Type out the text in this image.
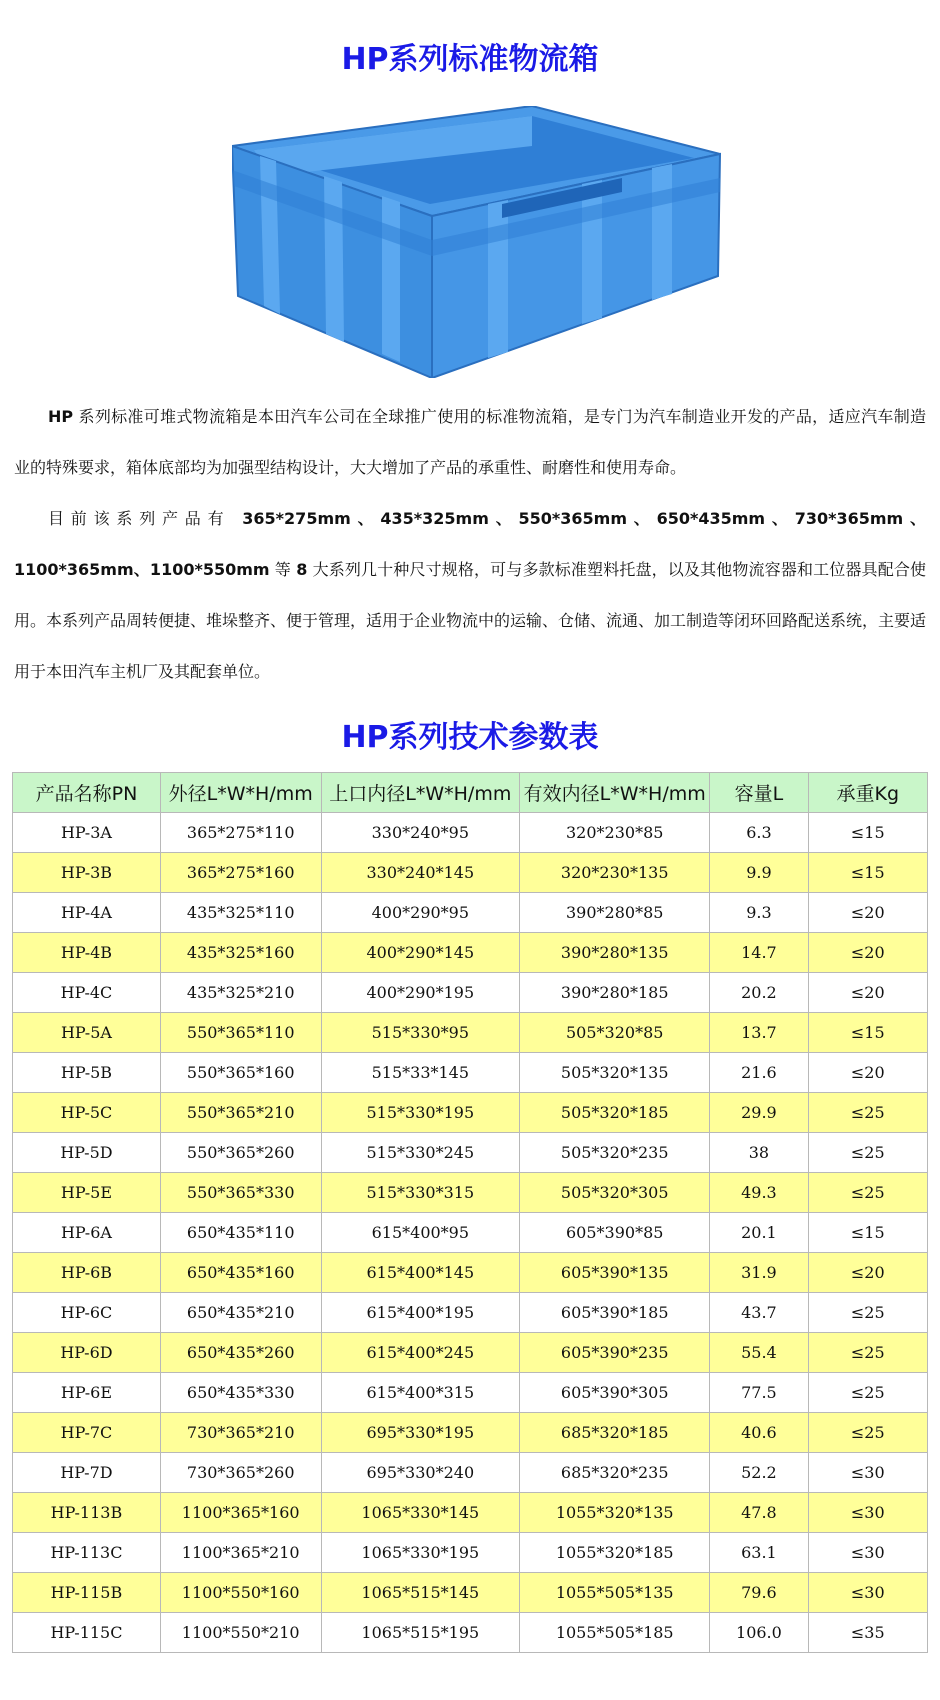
HP系列标准物流箱
HP 系列标准可堆式物流箱是本田汽车公司在全球推广使用的标准物流箱，是专门为汽车制造业开发的产品，适应汽车制造业的特殊要求，箱体底部均为加强型结构设计，大大增加了产品的承重性、耐磨性和使用寿命。
目前该系列产品有 365*275mm、435*325mm、550*365mm、650*435mm、730*365mm、1100*365mm、1100*550mm 等 8 大系列几十种尺寸规格，可与多款标准塑料托盘，以及其他物流容器和工位器具配合使用。本系列产品周转便捷、堆垛整齐、便于管理，适用于企业物流中的运输、仓储、流通、加工制造等闭环回路配送系统，主要适用于本田汽车主机厂及其配套单位。
HP系列技术参数表
产品名称PN	外径L*W*H/mm	上口内径L*W*H/mm	有效内径L*W*H/mm	容量L	承重Kg
HP-3A	365*275*110	330*240*95	320*230*85	6.3	≤15
HP-3B	365*275*160	330*240*145	320*230*135	9.9	≤15
HP-4A	435*325*110	400*290*95	390*280*85	9.3	≤20
HP-4B	435*325*160	400*290*145	390*280*135	14.7	≤20
HP-4C	435*325*210	400*290*195	390*280*185	20.2	≤20
HP-5A	550*365*110	515*330*95	505*320*85	13.7	≤15
HP-5B	550*365*160	515*33*145	505*320*135	21.6	≤20
HP-5C	550*365*210	515*330*195	505*320*185	29.9	≤25
HP-5D	550*365*260	515*330*245	505*320*235	38	≤25
HP-5E	550*365*330	515*330*315	505*320*305	49.3	≤25
HP-6A	650*435*110	615*400*95	605*390*85	20.1	≤15
HP-6B	650*435*160	615*400*145	605*390*135	31.9	≤20
HP-6C	650*435*210	615*400*195	605*390*185	43.7	≤25
HP-6D	650*435*260	615*400*245	605*390*235	55.4	≤25
HP-6E	650*435*330	615*400*315	605*390*305	77.5	≤25
HP-7C	730*365*210	695*330*195	685*320*185	40.6	≤25
HP-7D	730*365*260	695*330*240	685*320*235	52.2	≤30
HP-113B	1100*365*160	1065*330*145	1055*320*135	47.8	≤30
HP-113C	1100*365*210	1065*330*195	1055*320*185	63.1	≤30
HP-115B	1100*550*160	1065*515*145	1055*505*135	79.6	≤30
HP-115C	1100*550*210	1065*515*195	1055*505*185	106.0	≤35
